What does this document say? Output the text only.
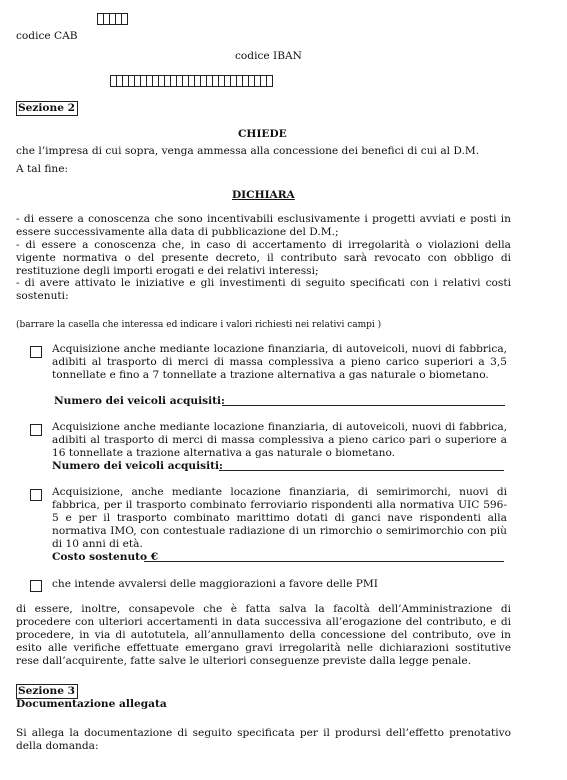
codice CAB
codice IBAN
Sezione 2
CHIEDE
che l’impresa di cui sopra, venga ammessa alla concessione dei benefici di cui al D.M.
A tal fine:
DICHIARA
- di essere a conoscenza che sono incentivabili esclusivamente i progetti avviati e posti in essere successivamente alla data di pubblicazione del D.M.;
- di essere a conoscenza che, in caso di accertamento di irregolarità o violazioni della vigente normativa o del presente decreto, il contributo sarà revocato con obbligo di restituzione degli importi erogati e dei relativi interessi;
- di avere attivato le iniziative e gli investimenti di seguito specificati con i relativi costi sostenuti:
(barrare la casella che interessa ed indicare i valori richiesti nei relativi campi )
Acquisizione anche mediante locazione finanziaria, di autoveicoli, nuovi di fabbrica, adibiti al trasporto di merci di massa complessiva a pieno carico superiori a 3,5 tonnellate e fino a 7 tonnellate a trazione alternativa a gas naturale o biometano.
Numero dei veicoli acquisiti:
Acquisizione anche mediante locazione finanziaria, di autoveicoli, nuovi di fabbrica, adibiti al trasporto di merci di massa complessiva a pieno carico pari o superiore a 16 tonnellate a trazione alternativa a gas naturale o biometano.
Numero dei veicoli acquisiti:
Acquisizione, anche mediante locazione finanziaria, di semirimorchi, nuovi di fabbrica, per il trasporto combinato ferroviario rispondenti alla normativa UIC 596-5 e per il trasporto combinato marittimo dotati di ganci nave rispondenti alla normativa IMO, con contestuale radiazione di un rimorchio o semirimorchio con più di 10 anni di età.
Costo sostenuto €
che intende avvalersi delle maggiorazioni a favore delle PMI
di essere, inoltre, consapevole che è fatta salva la facoltà dell’Amministrazione di procedere con ulteriori accertamenti in data successiva all’erogazione del contributo, e di procedere, in via di autotutela, all’annullamento della concessione del contributo, ove in esito alle verifiche effettuate emergano gravi irregolarità nelle dichiarazioni sostitutive rese dall’acquirente, fatte salve le ulteriori conseguenze previste dalla legge penale.
Sezione 3
Documentazione allegata
Si allega la documentazione di seguito specificata per il prodursi dell’effetto prenotativo della domanda:
